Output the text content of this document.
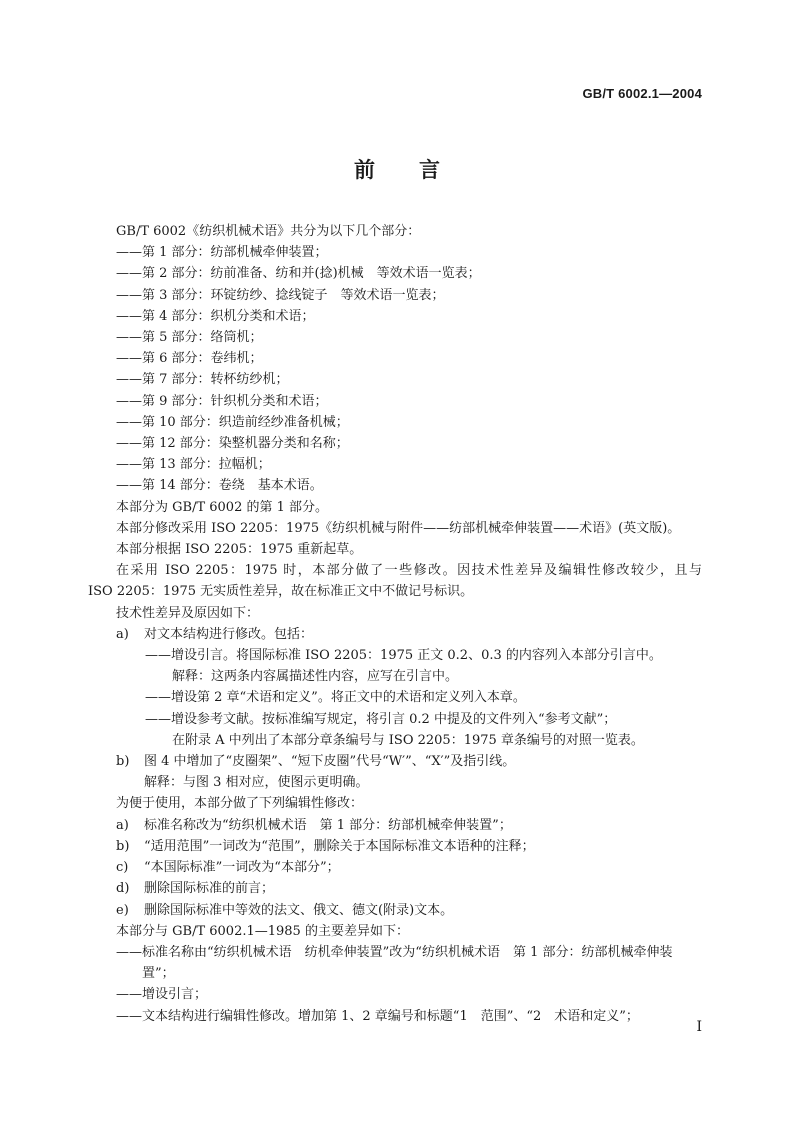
GB/T 6002.1—2004
前言
GB/T 6002《纺织机械术语》共分为以下几个部分：
——第 1 部分：纺部机械牵伸装置；
——第 2 部分：纺前准备、纺和并(捻)机械　等效术语一览表；
——第 3 部分：环锭纺纱、捻线锭子　等效术语一览表；
——第 4 部分：织机分类和术语；
——第 5 部分：络筒机；
——第 6 部分：卷纬机；
——第 7 部分：转杯纺纱机；
——第 9 部分：针织机分类和术语；
——第 10 部分：织造前经纱准备机械；
——第 12 部分：染整机器分类和名称；
——第 13 部分：拉幅机；
——第 14 部分：卷绕　基本术语。
本部分为 GB/T 6002 的第 1 部分。
本部分修改采用 ISO 2205：1975《纺织机械与附件——纺部机械牵伸装置——术语》(英文版)。
本部分根据 ISO 2205：1975 重新起草。
在采用 ISO 2205：1975 时，本部分做了一些修改。因技术性差异及编辑性修改较少，且与
ISO 2205：1975 无实质性差异，故在标准正文中不做记号标识。
技术性差异及原因如下：
a)	对文本结构进行修改。包括：
——增设引言。将国际标准 ISO 2205：1975 正文 0.2、0.3 的内容列入本部分引言中。
解释：这两条内容属描述性内容，应写在引言中。
——增设第 2 章“术语和定义”。将正文中的术语和定义列入本章。
——增设参考文献。按标准编写规定，将引言 0.2 中提及的文件列入“参考文献”；
在附录 A 中列出了本部分章条编号与 ISO 2205：1975 章条编号的对照一览表。
b)	图 4 中增加了“皮圈架”、“短下皮圈”代号“W′”、“X′”及指引线。
解释：与图 3 相对应，使图示更明确。
为便于使用，本部分做了下列编辑性修改：
a)	标准名称改为“纺织机械术语　第 1 部分：纺部机械牵伸装置”；
b)	“适用范围”一词改为“范围”，删除关于本国际标准文本语种的注释；
c)	“本国际标准”一词改为“本部分”；
d)	删除国际标准的前言；
e)	删除国际标准中等效的法文、俄文、德文(附录)文本。
本部分与 GB/T 6002.1—1985 的主要差异如下：
—— 标准名称由“纺织机械术语　纺机牵伸装置”改为“纺织机械术语　第 1 部分：纺部机械牵伸装置”；
——增设引言；
——文本结构进行编辑性修改。增加第 1、2 章编号和标题“1　范围”、“2　术语和定义”；
I
